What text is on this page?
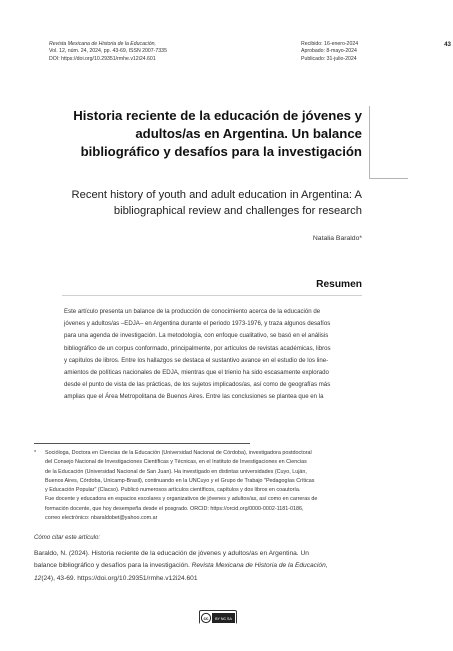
Revista Mexicana de Historia de la Educación,
Vol. 12, núm. 24, 2024, pp. 43-69, ISSN 2007-7335
DOI: https://doi.org/10.29351/rmhe.v12i24.601
Recibido: 16-enero-2024
Aprobado: 8-mayo-2024
Publicado: 31-julio-2024
43
Historia reciente de la educación de jóvenes y adultos/as en Argentina. Un balance bibliográfico y desafíos para la investigación
Recent history of youth and adult education in Argentina: A bibliographical review and challenges for research
Natalia Baraldo*
Resumen
Este artículo presenta un balance de la producción de conocimiento acerca de la educación de
jóvenes y adultos/as –EDJA– en Argentina durante el periodo 1973-1976, y traza algunos desafíos
para una agenda de investigación. La metodología, con enfoque cualitativo, se basó en el análisis
bibliográfico de un corpus conformado, principalmente, por artículos de revistas académicas, libros
y capítulos de libros. Entre los hallazgos se destaca el sustantivo avance en el estudio de los line-
amientos de políticas nacionales de EDJA, mientras que el trienio ha sido escasamente explorado
desde el punto de vista de las prácticas, de los sujetos implicados/as, así como de geografías más
amplias que el Área Metropolitana de Buenos Aires. Entre las conclusiones se plantea que en la
* Socióloga, Doctora en Ciencias de la Educación (Universidad Nacional de Córdoba), investigadora postdoctoral
del Consejo Nacional de Investigaciones Científicas y Técnicas, en el Instituto de Investigaciones en Ciencias
de la Educación (Universidad Nacional de San Juan). Ha investigado en distintas universidades (Cuyo, Luján,
Buenos Aires, Córdoba, Unicamp-Brasil), continuando en la UNCuyo y el Grupo de Trabajo "Pedagogías Críticas
y Educación Popular" (Clacso). Publicó numerosos artículos científicos, capítulos y dos libros en coautoría.
Fue docente y educadora en espacios escolares y organizativos de jóvenes y adultos/as, así como en carreras de
formación docente, que hoy desempeña desde el posgrado. ORCID: https://orcid.org/0000-0002-1181-0186,
correo electrónico: nbaraldobet@yahoo.com.ar
Cómo citar este artículo:
Baraldo, N. (2024). Historia reciente de la educación de jóvenes y adultos/as en Argentina. Un
balance bibliográfico y desafíos para la investigación. Revista Mexicana de Historia de la Educación,
12(24), 43-69. https://doi.org/10.29351/rmhe.v12i24.601
cc BY NC SA
